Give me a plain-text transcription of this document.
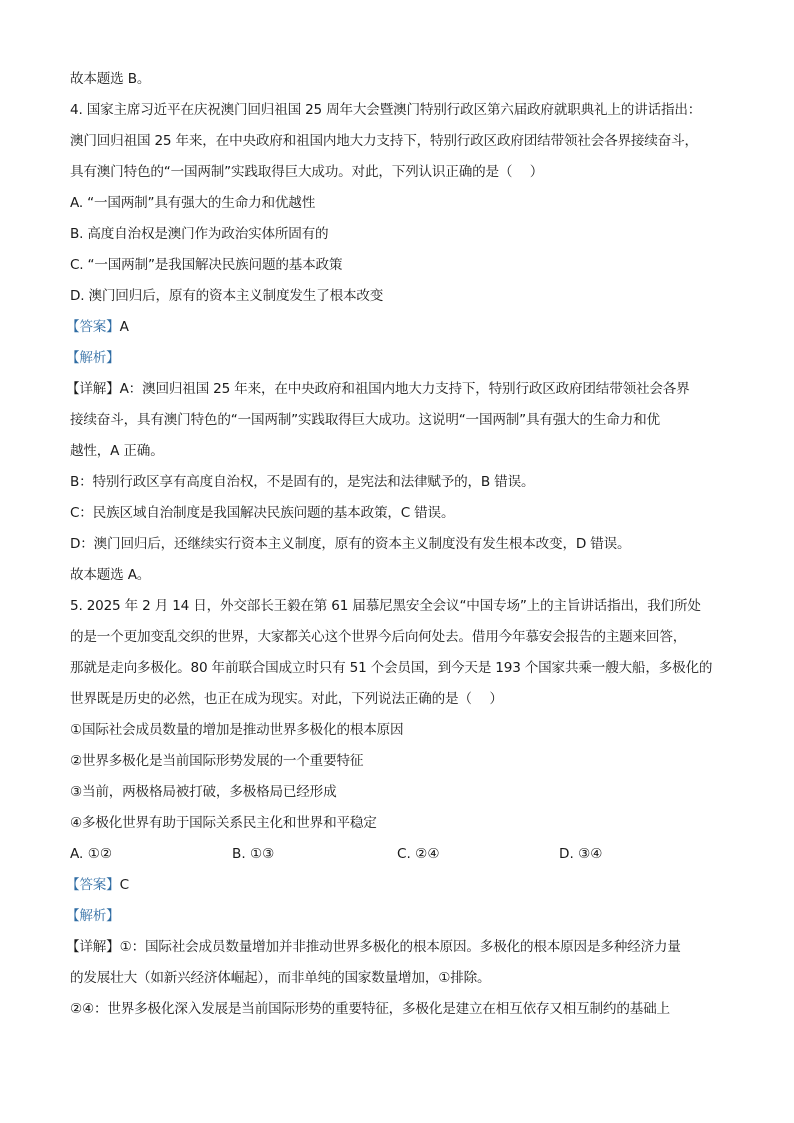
故本题选 B。
4. 国家主席习近平在庆祝澳门回归祖国 25 周年大会暨澳门特别行政区第六届政府就职典礼上的讲话指出：
澳门回归祖国 25 年来，在中央政府和祖国内地大力支持下，特别行政区政府团结带领社会各界接续奋斗，
具有澳门特色的“一国两制”实践取得巨大成功。对此，下列认识正确的是（　 ）
A. “一国两制”具有强大的生命力和优越性
B. 高度自治权是澳门作为政治实体所固有的
C. “一国两制”是我国解决民族问题的基本政策
D. 澳门回归后，原有的资本主义制度发生了根本改变
【答案】A
【解析】
【详解】A：澳回归祖国 25 年来，在中央政府和祖国内地大力支持下，特别行政区政府团结带领社会各界
接续奋斗，具有澳门特色的“一国两制”实践取得巨大成功。这说明“一国两制”具有强大的生命力和优
越性，A 正确。
B：特别行政区享有高度自治权，不是固有的，是宪法和法律赋予的，B 错误。
C：民族区域自治制度是我国解决民族问题的基本政策，C 错误。
D：澳门回归后，还继续实行资本主义制度，原有的资本主义制度没有发生根本改变，D 错误。
故本题选 A。
5. 2025 年 2 月 14 日，外交部长王毅在第 61 届慕尼黑安全会议“中国专场”上的主旨讲话指出，我们所处
的是一个更加变乱交织的世界，大家都关心这个世界今后向何处去。借用今年慕安会报告的主题来回答，
那就是走向多极化。80 年前联合国成立时只有 51 个会员国，到今天是 193 个国家共乘一艘大船，多极化的
世界既是历史的必然，也正在成为现实。对此，下列说法正确的是（　 ）
①国际社会成员数量的增加是推动世界多极化的根本原因
②世界多极化是当前国际形势发展的一个重要特征
③当前，两极格局被打破，多极格局已经形成
④多极化世界有助于国际关系民主化和世界和平稳定
A. ①②	B. ①③	C. ②④	D. ③④
【答案】C
【解析】
【详解】①：国际社会成员数量增加并非推动世界多极化的根本原因。多极化的根本原因是多种经济力量
的发展壮大（如新兴经济体崛起），而非单纯的国家数量增加，①排除。
②④：世界多极化深入发展是当前国际形势的重要特征，多极化是建立在相互依存又相互制约的基础上
